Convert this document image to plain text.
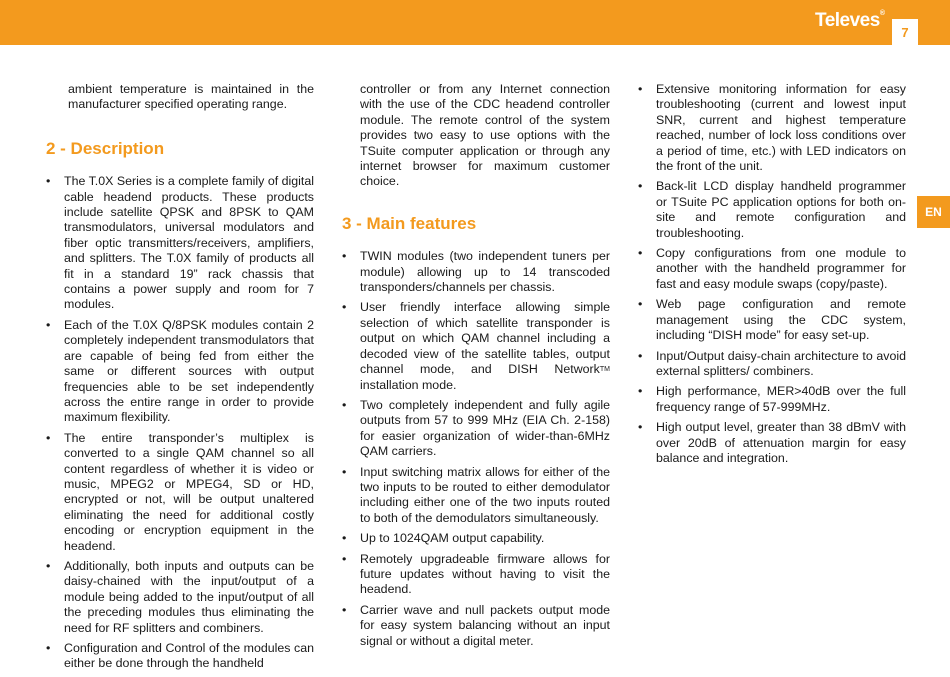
Televes®
7
EN

ambient temperature is maintained in the manufacturer specified operating range.

2 - Description
• The T.0X Series is a complete family of digital cable headend products. These products include satellite QPSK and 8PSK to QAM transmodulators, universal modulators and fiber optic transmitters/receivers, amplifiers, and splitters. The T.0X family of products all fit in a standard 19” rack chassis that contains a power supply and room for 7 modules.
• Each of the T.0X Q/8PSK modules contain 2 completely independent transmodulators that are capable of being fed from either the same or different sources with output frequencies able to be set independently across the entire range in order to provide maximum flexibility.
• The entire transponder’s multiplex is converted to a single QAM channel so all content regardless of whether it is video or music, MPEG2 or MPEG4, SD or HD, encrypted or not, will be output unaltered eliminating the need for additional costly encoding or encryption equipment in the headend.
• Additionally, both inputs and outputs can be daisy-chained with the input/output of a module being added to the input/output of all the preceding modules thus eliminating the need for RF splitters and combiners.
• Configuration and Control of the modules can either be done through the handheld

controller or from any Internet connection with the use of the CDC headend controller module. The remote control of the system provides two easy to use options with the TSuite computer application or through any internet browser for maximum customer choice.

3 - Main features
• TWIN modules (two independent tuners per module) allowing up to 14 transcoded transponders/channels per chassis.
• User friendly interface allowing simple selection of which satellite transponder is output on which QAM channel including a decoded view of the satellite tables, output channel mode, and DISH Network™ installation mode.
• Two completely independent and fully agile outputs from 57 to 999 MHz (EIA Ch. 2-158) for easier organization of wider-than-6MHz QAM carriers.
• Input switching matrix allows for either of the two inputs to be routed to either demodulator including either one of the two inputs routed to both of the demodulators simultaneously.
• Up to 1024QAM output capability.
• Remotely upgradeable firmware allows for future updates without having to visit the headend.
• Carrier wave and null packets output mode for easy system balancing without an input signal or without a digital meter.
• Extensive monitoring information for easy troubleshooting (current and lowest input SNR, current and highest temperature reached, number of lock loss conditions over a period of time, etc.) with LED indicators on the front of the unit.
• Back-lit LCD display handheld programmer or TSuite PC application options for both on-site and remote configuration and troubleshooting.
• Copy configurations from one module to another with the handheld programmer for fast and easy module swaps (copy/paste).
• Web page configuration and remote management using the CDC system, including “DISH mode” for easy set-up.
• Input/Output daisy-chain architecture to avoid external splitters/ combiners.
• High performance, MER>40dB over the full frequency range of 57-999MHz.
• High output level, greater than 38 dBmV with over 20dB of attenuation margin for easy balance and integration.
